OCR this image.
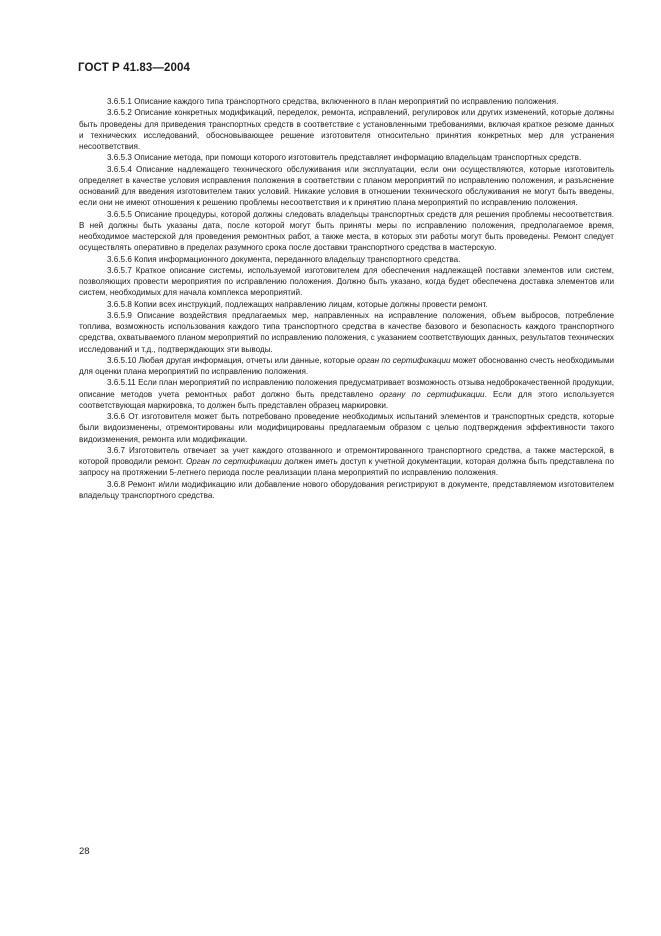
ГОСТ Р 41.83—2004

3.6.5.1 Описание каждого типа транспортного средства, включенного в план мероприятий по исправлению положения.

3.6.5.2 Описание конкретных модификаций, переделок, ремонта, исправлений, регулировок или других изменений, которые должны быть проведены для приведения транспортных средств в соответствие с установленными требованиями, включая краткое резюме данных и технических исследований, обосновывающее решение изготовителя относительно принятия конкретных мер для устранения несоответствия.

3.6.5.3 Описание метода, при помощи которого изготовитель представляет информацию владельцам транспортных средств.

3.6.5.4 Описание надлежащего технического обслуживания или эксплуатации, если они осуществляются, которые изготовитель определяет в качестве условия исправления положения в соответствии с планом мероприятий по исправлению положения, и разъяснение оснований для введения изготовителем таких условий. Никакие условия в отношении технического обслуживания не могут быть введены, если они не имеют отношения к решению проблемы несоответствия и к принятию плана мероприятий по исправлению положения.

3.6.5.5 Описание процедуры, которой должны следовать владельцы транспортных средств для решения проблемы несоответствия. В ней должны быть указаны дата, после которой могут быть приняты меры по исправлению положения, предполагаемое время, необходимое мастерской для проведения ремонтных работ, а также места, в которых эти работы могут быть проведены. Ремонт следует осуществлять оперативно в пределах разумного срока после доставки транспортного средства в мастерскую.

3.6.5.6 Копия информационного документа, переданного владельцу транспортного средства.

3.6.5.7 Краткое описание системы, используемой изготовителем для обеспечения надлежащей поставки элементов или систем, позволяющих провести мероприятия по исправлению положения. Должно быть указано, когда будет обеспечена доставка элементов или систем, необходимых для начала комплекса мероприятий.

3.6.5.8 Копии всех инструкций, подлежащих направлению лицам, которые должны провести ремонт.

3.6.5.9 Описание воздействия предлагаемых мер, направленных на исправление положения, объем выбросов, потребление топлива, возможность использования каждого типа транспортного средства в качестве базового и безопасность каждого транспортного средства, охватываемого планом мероприятий по исправлению положения, с указанием соответствующих данных, результатов технических исследований и т.д., подтверждающих эти выводы.

3.6.5.10 Любая другая информация, отчеты или данные, которые орган по сертификации может обоснованно счесть необходимыми для оценки плана мероприятий по исправлению положения.

3.6.5.11 Если план мероприятий по исправлению положения предусматривает возможность отзыва недоброкачественной продукции, описание методов учета ремонтных работ должно быть представлено органу по сертификации. Если для этого используется соответствующая маркировка, то должен быть представлен образец маркировки.

3.6.6 От изготовителя может быть потребовано проведение необходимых испытаний элементов и транспортных средств, которые были видоизменены, отремонтированы или модифицированы предлагаемым образом с целью подтверждения эффективности такого видоизменения, ремонта или модификации.

3.6.7 Изготовитель отвечает за учет каждого отозванного и отремонтированного транспортного средства, а также мастерской, в которой проводили ремонт. Орган по сертификации должен иметь доступ к учетной документации, которая должна быть представлена по запросу на протяжении 5-летнего периода после реализации плана мероприятий по исправлению положения.

3.6.8 Ремонт и/или модификацию или добавление нового оборудования регистрируют в документе, представляемом изготовителем владельцу транспортного средства.

28
